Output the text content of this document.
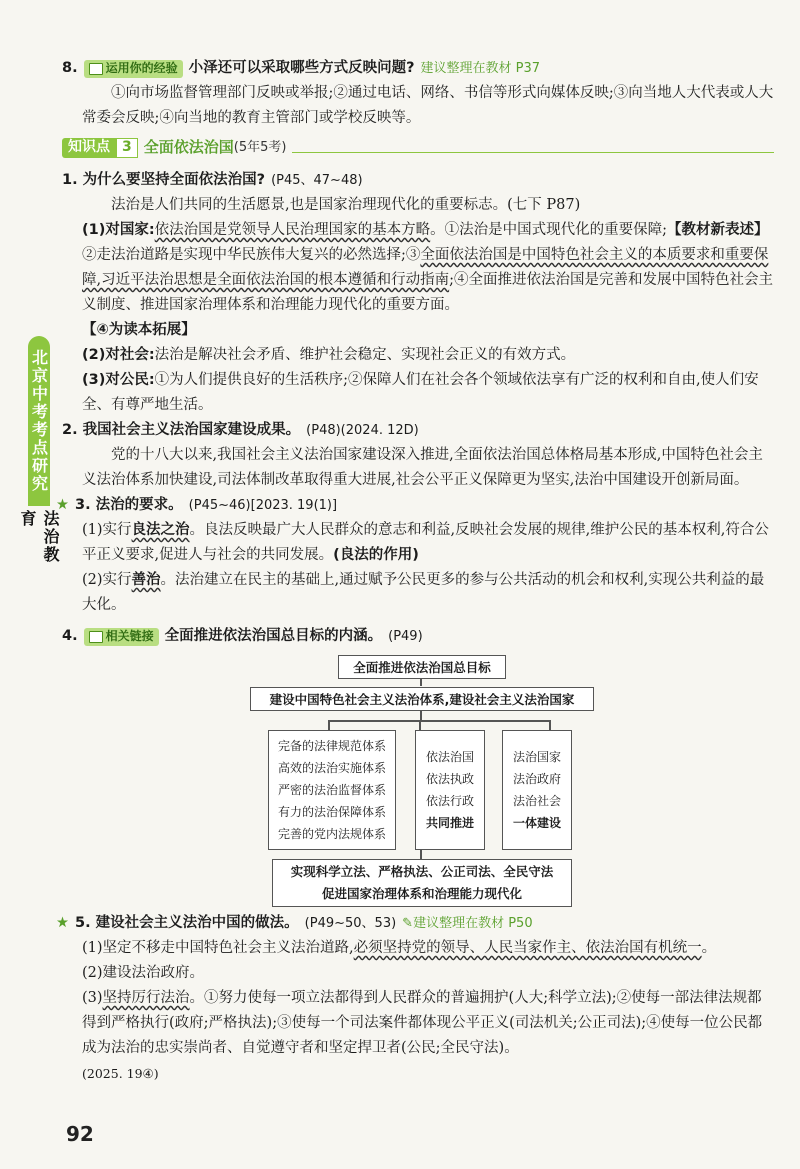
北京中考考点研究
法治教育
8. 运用你的经验 小泽还可以采取哪些方式反映问题? 建议整理在教材 P37
①向市场监督管理部门反映或举报;②通过电话、网络、书信等形式向媒体反映;③向当地人大代表或人大常委会反映;④向当地的教育主管部门或学校反映等。
知识点 3 全面依法治国 (5年5考)
1. 为什么要坚持全面依法治国? (P45、47~48)
法治是人们共同的生活愿景,也是国家治理现代化的重要标志。(七下 P87)
(1)对国家:依法治国是党领导人民治理国家的基本方略。①法治是中国式现代化的重要保障;【教材新表述】②走法治道路是实现中华民族伟大复兴的必然选择;③全面依法治国是中国特色社会主义的本质要求和重要保障,习近平法治思想是全面依法治国的根本遵循和行动指南;④全面推进依法治国是完善和发展中国特色社会主义制度、推进国家治理体系和治理能力现代化的重要方面。
【④为读本拓展】
(2)对社会:法治是解决社会矛盾、维护社会稳定、实现社会正义的有效方式。
(3)对公民:①为人们提供良好的生活秩序;②保障人们在社会各个领域依法享有广泛的权利和自由,使人们安全、有尊严地生活。
2. 我国社会主义法治国家建设成果。 (P48)(2024. 12D)
党的十八大以来,我国社会主义法治国家建设深入推进,全面依法治国总体格局基本形成,中国特色社会主义法治体系加快建设,司法体制改革取得重大进展,社会公平正义保障更为坚实,法治中国建设开创新局面。
★ 3. 法治的要求。 (P45~46)[2023. 19(1)]
(1)实行良法之治。良法反映最广大人民群众的意志和利益,反映社会发展的规律,维护公民的基本权利,符合公平正义要求,促进人与社会的共同发展。(良法的作用)
(2)实行善治。法治建立在民主的基础上,通过赋予公民更多的参与公共活动的机会和权利,实现公共利益的最大化。
4. 相关链接 全面推进依法治国总目标的内涵。 (P49)
全面推进依法治国总目标
建设中国特色社会主义法治体系,建设社会主义法治国家
完备的法律规范体系
高效的法治实施体系
严密的法治监督体系
有力的法治保障体系
完善的党内法规体系
依法治国
依法执政
依法行政
共同推进
法治国家
法治政府
法治社会
一体建设
实现科学立法、严格执法、公正司法、全民守法
促进国家治理体系和治理能力现代化
★ 5. 建设社会主义法治中国的做法。 (P49~50、53) ✎建议整理在教材 P50
(1)坚定不移走中国特色社会主义法治道路,必须坚持党的领导、人民当家作主、依法治国有机统一。
(2)建设法治政府。
(3)坚持厉行法治。①努力使每一项立法都得到人民群众的普遍拥护(人大;科学立法);②使每一部法律法规都得到严格执行(政府;严格执法);③使每一个司法案件都体现公平正义(司法机关;公正司法);④使每一位公民都成为法治的忠实崇尚者、自觉遵守者和坚定捍卫者(公民;全民守法)。
(2025. 19④)
92
